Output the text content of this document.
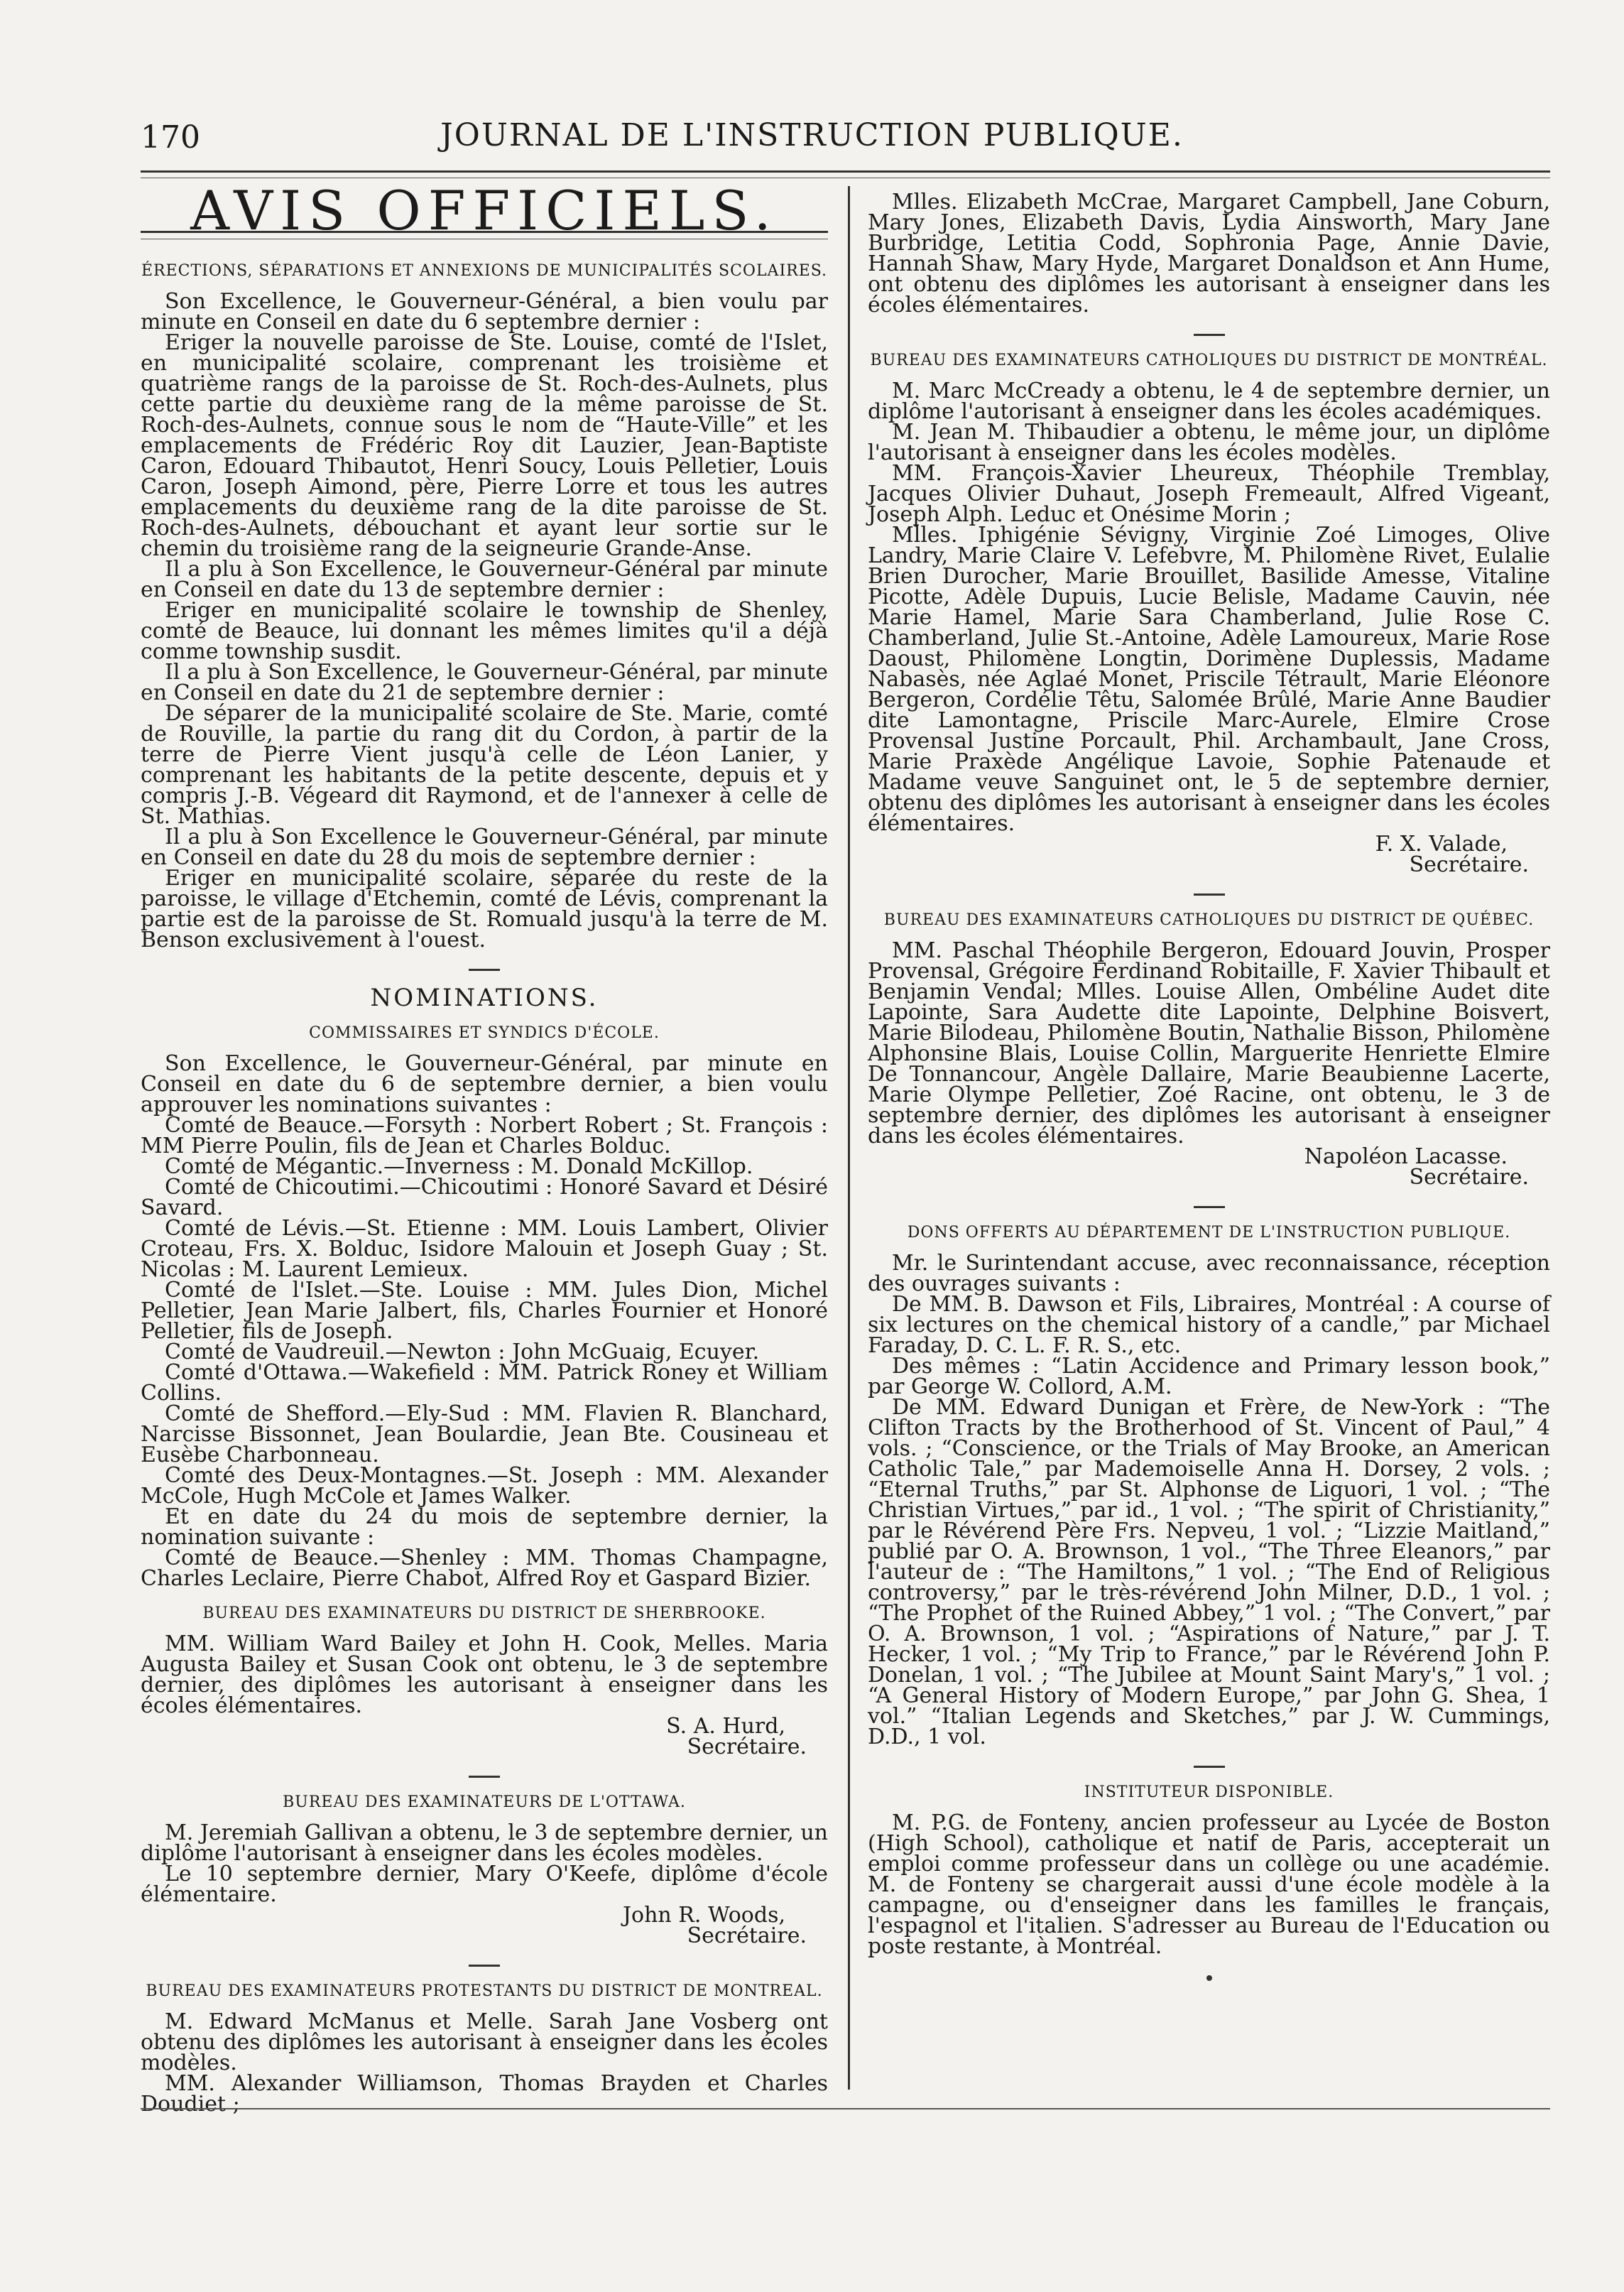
170	JOURNAL DE L'INSTRUCTION PUBLIQUE.
AVIS OFFICIELS.
ÉRECTIONS, SÉPARATIONS ET ANNEXIONS DE MUNICIPALITÉS SCOLAIRES.

Son Excellence, le Gouverneur-Général, a bien voulu par minute en Conseil en date du 6 septembre dernier :

Eriger la nouvelle paroisse de Ste. Louise, comté de l'Islet, en municipalité scolaire, comprenant les troisième et quatrième rangs de la paroisse de St. Roch-des-Aulnets, plus cette partie du deuxième rang de la même paroisse de St. Roch-des-Aulnets, connue sous le nom de “Haute-Ville” et les emplacements de Frédéric Roy dit Lauzier, Jean-Baptiste Caron, Edouard Thibautot, Henri Soucy, Louis Pelletier, Louis Caron, Joseph Aimond, père, Pierre Lorre et tous les autres emplacements du deuxième rang de la dite paroisse de St. Roch-des-Aulnets, débouchant et ayant leur sortie sur le chemin du troisième rang de la seigneurie Grande-Anse.

Il a plu à Son Excellence, le Gouverneur-Général par minute en Conseil en date du 13 de septembre dernier :

Eriger en municipalité scolaire le township de Shenley, comté de Beauce, lui donnant les mêmes limites qu'il a déjà comme township susdit.

Il a plu à Son Excellence, le Gouverneur-Général, par minute en Conseil en date du 21 de septembre dernier :

De séparer de la municipalité scolaire de Ste. Marie, comté de Rouville, la partie du rang dit du Cordon, à partir de la terre de Pierre Vient jusqu'à celle de Léon Lanier, y comprenant les habitants de la petite descente, depuis et y compris J.-B. Végeard dit Raymond, et de l'annexer à celle de St. Mathias.

Il a plu à Son Excellence le Gouverneur-Général, par minute en Conseil en date du 28 du mois de septembre dernier :

Eriger en municipalité scolaire, séparée du reste de la paroisse, le village d'Etchemin, comté de Lévis, comprenant la partie est de la paroisse de St. Romuald jusqu'à la terre de M. Benson exclusivement à l'ouest.

NOMINATIONS.
COMMISSAIRES ET SYNDICS D'ÉCOLE.

Son Excellence, le Gouverneur-Général, par minute en Conseil en date du 6 de septembre dernier, a bien voulu approuver les nominations suivantes :

Comté de Beauce.—Forsyth : Norbert Robert ; St. François : MM Pierre Poulin, fils de Jean et Charles Bolduc.

Comté de Mégantic.—Inverness : M. Donald McKillop.

Comté de Chicoutimi.—Chicoutimi : Honoré Savard et Désiré Savard.

Comté de Lévis.—St. Etienne : MM. Louis Lambert, Olivier Croteau, Frs. X. Bolduc, Isidore Malouin et Joseph Guay ; St. Nicolas : M. Laurent Lemieux.

Comté de l'Islet.—Ste. Louise : MM. Jules Dion, Michel Pelletier, Jean Marie Jalbert, fils, Charles Fournier et Honoré Pelletier, fils de Joseph.

Comté de Vaudreuil.—Newton : John McGuaig, Ecuyer.

Comté d'Ottawa.—Wakefield : MM. Patrick Roney et William Collins.

Comté de Shefford.—Ely-Sud : MM. Flavien R. Blanchard, Narcisse Bissonnet, Jean Boulardie, Jean Bte. Cousineau et Eusèbe Charbonneau.

Comté des Deux-Montagnes.—St. Joseph : MM. Alexander McCole, Hugh McCole et James Walker.

Et en date du 24 du mois de septembre dernier, la nomination suivante :

Comté de Beauce.—Shenley : MM. Thomas Champagne, Charles Leclaire, Pierre Chabot, Alfred Roy et Gaspard Bizier.

BUREAU DES EXAMINATEURS DU DISTRICT DE SHERBROOKE.

MM. William Ward Bailey et John H. Cook, Melles. Maria Augusta Bailey et Susan Cook ont obtenu, le 3 de septembre dernier, des diplômes les autorisant à enseigner dans les écoles élémentaires.

S. A. Hurd,
Secrétaire.
BUREAU DES EXAMINATEURS DE L'OTTAWA.

M. Jeremiah Gallivan a obtenu, le 3 de septembre dernier, un diplôme l'autorisant à enseigner dans les écoles modèles.

Le 10 septembre dernier, Mary O'Keefe, diplôme d'école élémentaire.

John R. Woods,
Secrétaire.
BUREAU DES EXAMINATEURS PROTESTANTS DU DISTRICT DE MONTREAL.

M. Edward McManus et Melle. Sarah Jane Vosberg ont obtenu des diplômes les autorisant à enseigner dans les écoles modèles.

MM. Alexander Williamson, Thomas Brayden et Charles Doudiet ;

Mlles. Elizabeth McCrae, Margaret Campbell, Jane Coburn, Mary Jones, Elizabeth Davis, Lydia Ainsworth, Mary Jane Burbridge, Letitia Codd, Sophronia Page, Annie Davie, Hannah Shaw, Mary Hyde, Margaret Donaldson et Ann Hume, ont obtenu des diplômes les autorisant à enseigner dans les écoles élémentaires.

BUREAU DES EXAMINATEURS CATHOLIQUES DU DISTRICT DE MONTRÉAL.

M. Marc McCready a obtenu, le 4 de septembre dernier, un diplôme l'autorisant à enseigner dans les écoles académiques.

M. Jean M. Thibaudier a obtenu, le même jour, un diplôme l'autorisant à enseigner dans les écoles modèles.

MM. François-Xavier Lheureux, Théophile Tremblay, Jacques Olivier Duhaut, Joseph Fremeault, Alfred Vigeant, Joseph Alph. Leduc et Onésime Morin ;

Mlles. Iphigénie Sévigny, Virginie Zoé Limoges, Olive Landry, Marie Claire V. Lefebvre, M. Philomène Rivet, Eulalie Brien Durocher, Marie Brouillet, Basilide Amesse, Vitaline Picotte, Adèle Dupuis, Lucie Belisle, Madame Cauvin, née Marie Hamel, Marie Sara Chamberland, Julie Rose C. Chamberland, Julie St.-Antoine, Adèle Lamoureux, Marie Rose Daoust, Philomène Longtin, Dorimène Duplessis, Madame Nabasès, née Aglaé Monet, Priscile Tétrault, Marie Eléonore Bergeron, Cordélie Têtu, Salomée Brûlé, Marie Anne Baudier dite Lamontagne, Priscile Marc-Aurele, Elmire Crose Provensal Justine Porcault, Phil. Archambault, Jane Cross, Marie Praxède Angélique Lavoie, Sophie Patenaude et Madame veuve Sanguinet ont, le 5 de septembre dernier, obtenu des diplômes les autorisant à enseigner dans les écoles élémentaires.

F. X. Valade,
Secrétaire.
BUREAU DES EXAMINATEURS CATHOLIQUES DU DISTRICT DE QUÉBEC.

MM. Paschal Théophile Bergeron, Edouard Jouvin, Prosper Provensal, Grégoire Ferdinand Robitaille, F. Xavier Thibault et Benjamin Vendal; Mlles. Louise Allen, Ombéline Audet dite Lapointe, Sara Audette dite Lapointe, Delphine Boisvert, Marie Bilodeau, Philomène Boutin, Nathalie Bisson, Philomène Alphonsine Blais, Louise Collin, Marguerite Henriette Elmire De Tonnancour, Angèle Dallaire, Marie Beaubienne Lacerte, Marie Olympe Pelletier, Zoé Racine, ont obtenu, le 3 de septembre dernier, des diplômes les autorisant à enseigner dans les écoles élémentaires.

Napoléon Lacasse.
Secrétaire.
DONS OFFERTS AU DÉPARTEMENT DE L'INSTRUCTION PUBLIQUE.

Mr. le Surintendant accuse, avec reconnaissance, réception des ouvrages suivants :

De MM. B. Dawson et Fils, Libraires, Montréal : A course of six lectures on the chemical history of a candle,” par Michael Faraday, D. C. L. F. R. S., etc.

Des mêmes : “Latin Accidence and Primary lesson book,” par George W. Collord, A.M.

De MM. Edward Dunigan et Frère, de New-York : “The Clifton Tracts by the Brotherhood of St. Vincent of Paul,” 4 vols. ; “Conscience, or the Trials of May Brooke, an American Catholic Tale,” par Mademoiselle Anna H. Dorsey, 2 vols. ; “Eternal Truths,” par St. Alphonse de Liguori, 1 vol. ; “The Christian Virtues,” par id., 1 vol. ; “The spirit of Christianity,” par le Révérend Père Frs. Nepveu, 1 vol. ; “Lizzie Maitland,” publié par O. A. Brownson, 1 vol., “The Three Eleanors,” par l'auteur de : “The Hamiltons,” 1 vol. ; “The End of Religious controversy,” par le très-révérend John Milner, D.D., 1 vol. ; “The Prophet of the Ruined Abbey,” 1 vol. ; “The Convert,” par O. A. Brownson, 1 vol. ; “Aspirations of Nature,” par J. T. Hecker, 1 vol. ; “My Trip to France,” par le Révérend John P. Donelan, 1 vol. ; “The Jubilee at Mount Saint Mary's,” 1 vol. ; “A General History of Modern Europe,” par John G. Shea, 1 vol.” “Italian Legends and Sketches,” par J. W. Cummings, D.D., 1 vol.

INSTITUTEUR DISPONIBLE.

M. P.G. de Fonteny, ancien professeur au Lycée de Boston (High School), catholique et natif de Paris, accepterait un emploi comme professeur dans un collège ou une académie. M. de Fonteny se chargerait aussi d'une école modèle à la campagne, ou d'enseigner dans les familles le français, l'espagnol et l'italien. S'adresser au Bureau de l'Education ou poste restante, à Montréal.
